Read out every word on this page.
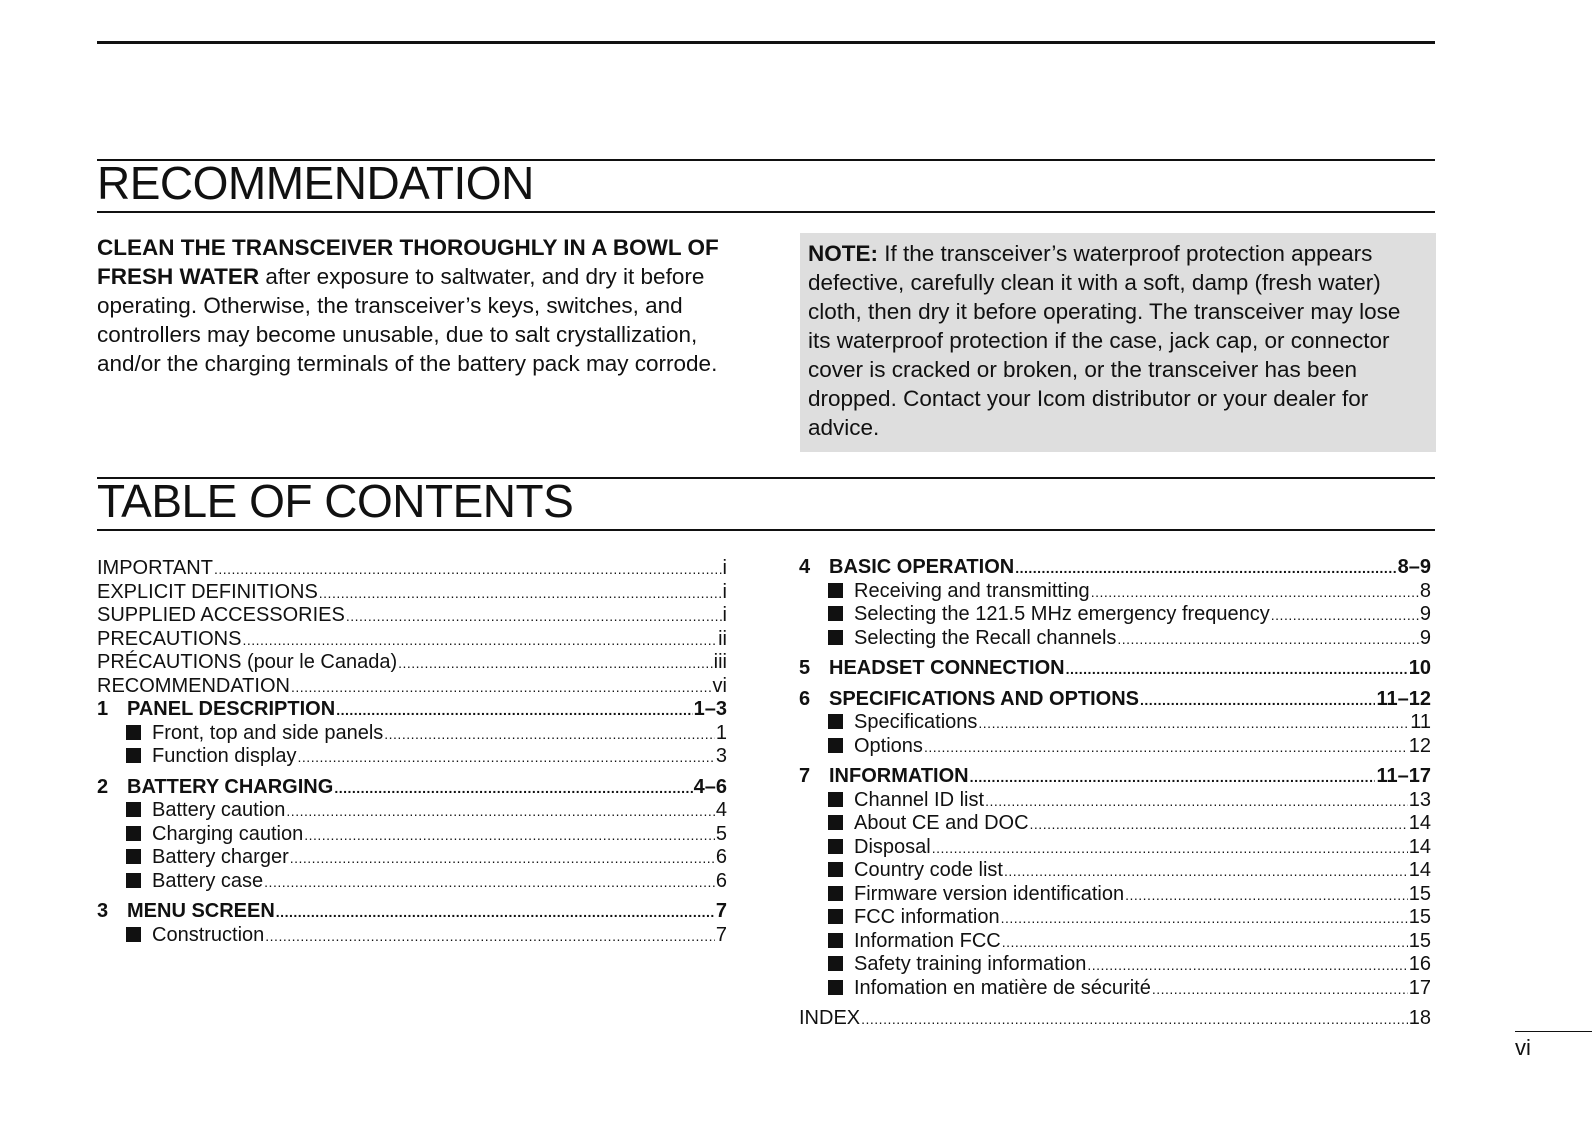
RECOMMENDATION

CLEAN THE TRANSCEIVER THOROUGHLY IN A BOWL OF FRESH WATER after exposure to saltwater, and dry it before operating. Otherwise, the transceiver’s keys, switches, and controllers may become unusable, due to salt crystallization, and/or the charging terminals of the battery pack may corrode.

NOTE: If the transceiver’s waterproof protection appears defective, carefully clean it with a soft, damp (fresh water) cloth, then dry it before operating. The transceiver may lose its waterproof protection if the case, jack cap, or connector cover is cracked or broken, or the transceiver has been dropped. Contact your Icom distributor or your dealer for advice.
TABLE OF CONTENTS
IMPORTANT .....	i
EXPLICIT DEFINITIONS .....	i
SUPPLIED ACCESSORIES .....	i
PRECAUTIONS .....	ii
PRÉCAUTIONS (pour le Canada) .....	iii
RECOMMENDATION .....	vi
1 PANEL DESCRIPTION .....	1–3
Front, top and side panels .....	1
Function display .....	3
2 BATTERY CHARGING .....	4–6
Battery caution .....	4
Charging caution .....	5
Battery charger .....	6
Battery case .....	6
3 MENU SCREEN .....	7
Construction .....	7
4 BASIC OPERATION .....	8–9
Receiving and transmitting .....	8
Selecting the 121.5 MHz emergency frequency .....	9
Selecting the Recall channels .....	9
5 HEADSET CONNECTION .....	10
6 SPECIFICATIONS AND OPTIONS .....	11–12
Specifications .....	11
Options .....	12
7 INFORMATION .....	11–17
Channel ID list .....	13
About CE and DOC .....	14
Disposal .....	14
Country code list .....	14
Firmware version identification .....	15
FCC information .....	15
Information FCC .....	15
Safety training information .....	16
Infomation en matière de sécurité .....	17
INDEX .....	18
vi
